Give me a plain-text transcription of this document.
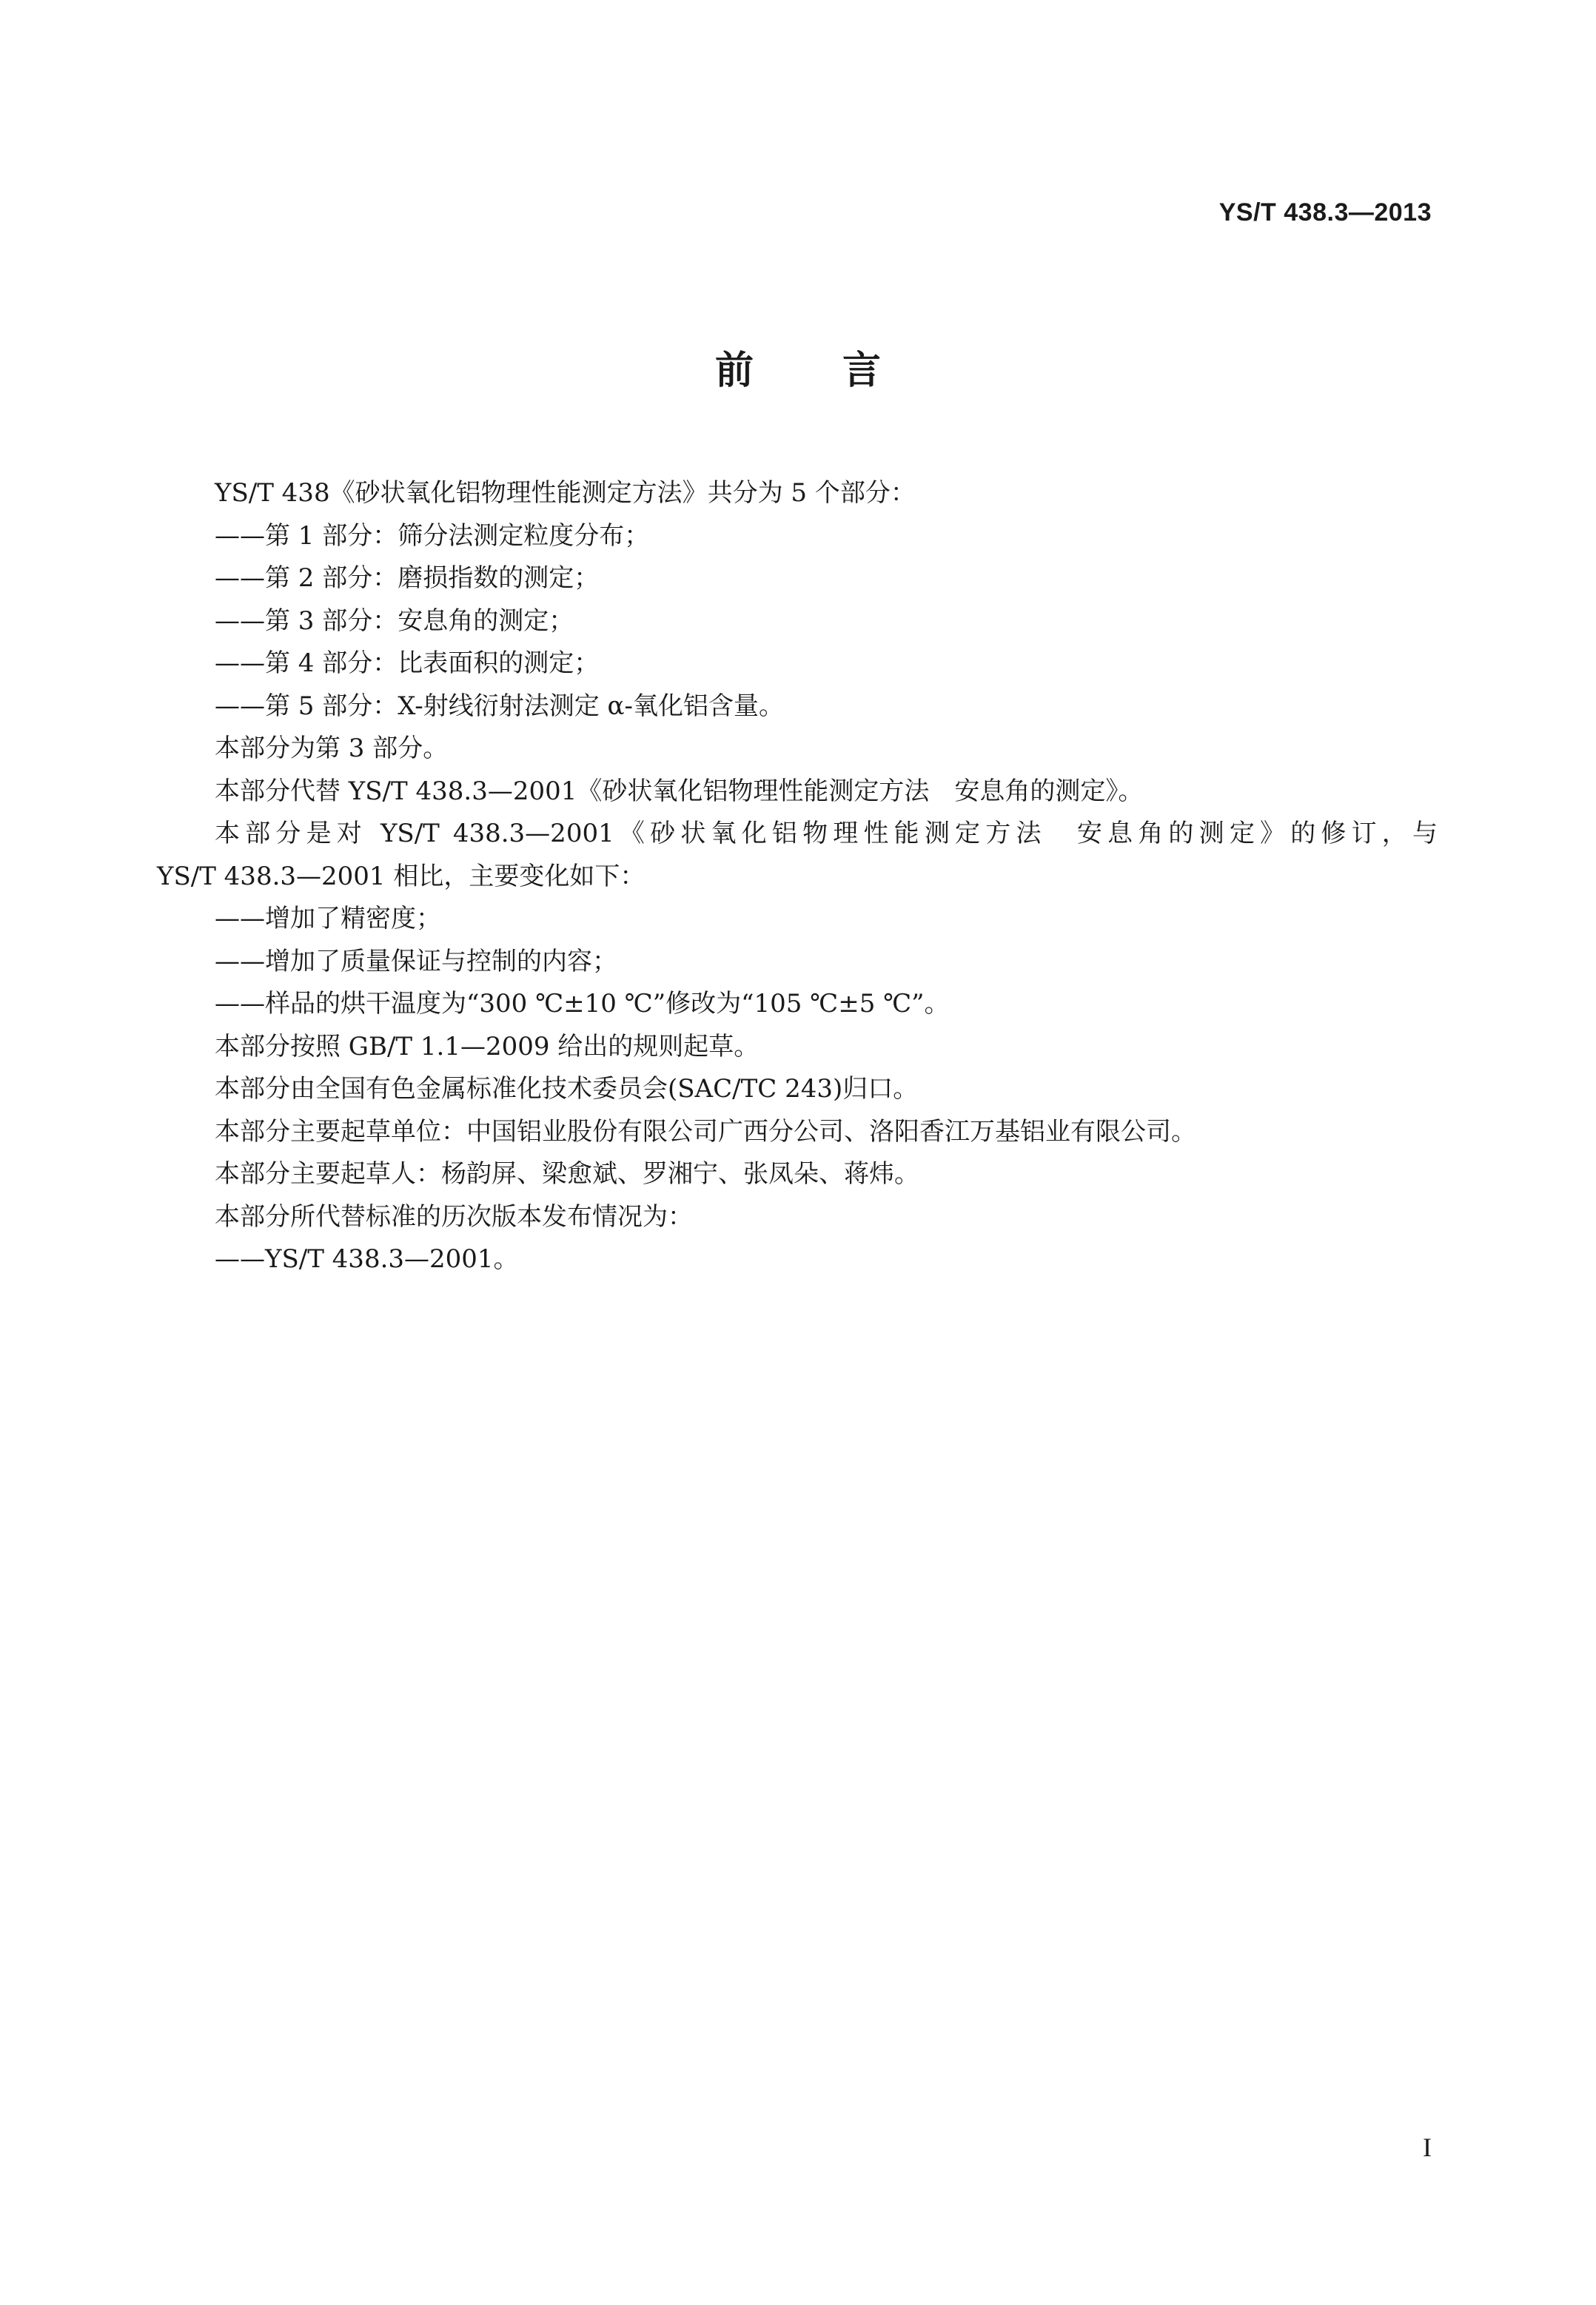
YS/T 438.3—2013
前言
YS/T 438《砂状氧化铝物理性能测定方法》共分为 5 个部分：
——第 1 部分：筛分法测定粒度分布；
——第 2 部分：磨损指数的测定；
——第 3 部分：安息角的测定；
——第 4 部分：比表面积的测定；
——第 5 部分：X-射线衍射法测定 α-氧化铝含量。
本部分为第 3 部分。
本部分代替 YS/T 438.3—2001《砂状氧化铝物理性能测定方法　安息角的测定》。
本部分是对 YS/T 438.3—2001《砂状氧化铝物理性能测定方法　安息角的测定》的修订，与
YS/T 438.3—2001 相比，主要变化如下：
——增加了精密度；
——增加了质量保证与控制的内容；
——样品的烘干温度为“300 ℃±10 ℃”修改为“105 ℃±5 ℃”。
本部分按照 GB/T 1.1—2009 给出的规则起草。
本部分由全国有色金属标准化技术委员会(SAC/TC 243)归口。
本部分主要起草单位：中国铝业股份有限公司广西分公司、洛阳香江万基铝业有限公司。
本部分主要起草人：杨韵屏、梁愈斌、罗湘宁、张凤朵、蒋炜。
本部分所代替标准的历次版本发布情况为：
——YS/T 438.3—2001。
I
